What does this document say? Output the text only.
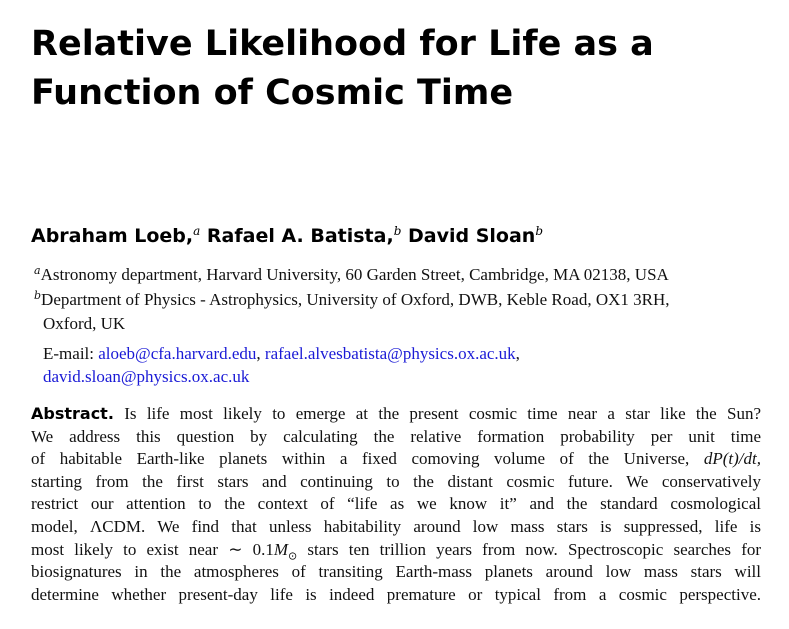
Relative Likelihood for Life as a
Function of Cosmic Time
Abraham Loeb,$^a$ Rafael A. Batista,$^b$ David Sloan$^b$
$^a$Astronomy department, Harvard University, 60 Garden Street, Cambridge, MA 02138, USA
$^b$Department of Physics - Astrophysics, University of Oxford, DWB, Keble Road, OX1 3RH,
Oxford, UK
E-mail: aloeb@cfa.harvard.edu, rafael.alvesbatista@physics.ox.ac.uk,
david.sloan@physics.ox.ac.uk
Abstract. Is life most likely to emerge at the present cosmic time near a star like the Sun?
We address this question by calculating the relative formation probability per unit time
of habitable Earth-like planets within a fixed comoving volume of the Universe, dP(t)/dt,
starting from the first stars and continuing to the distant cosmic future. We conservatively
restrict our attention to the context of “life as we know it” and the standard cosmological
model, ΛCDM. We find that unless habitability around low mass stars is suppressed, life is
most likely to exist near ∼ $0.1M_⊙$ stars ten trillion years from now. Spectroscopic searches for
biosignatures in the atmospheres of transiting Earth-mass planets around low mass stars will
determine whether present-day life is indeed premature or typical from a cosmic perspective.
